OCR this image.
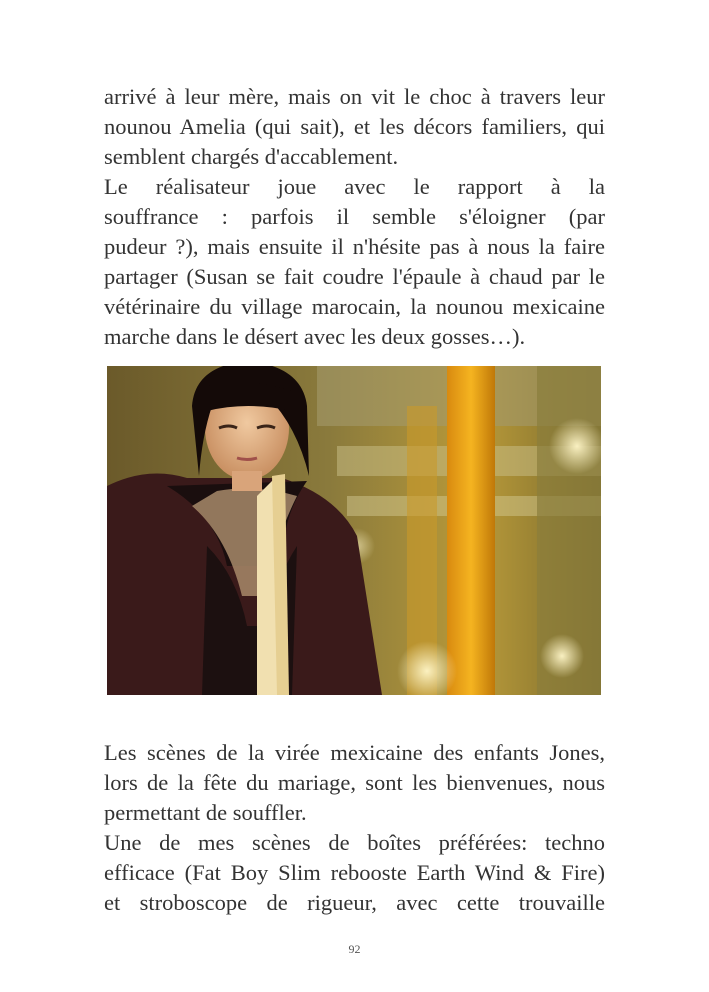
arrivé à leur mère, mais on vit le choc à travers leur
nounou Amelia (qui sait), et les décors familiers, qui
semblent chargés d'accablement.
Le réalisateur joue avec le rapport à la
souffrance : parfois il semble s'éloigner (par
pudeur ?), mais ensuite il n'hésite pas à nous la faire
partager (Susan se fait coudre l'épaule à chaud par le
vétérinaire du village marocain, la nounou mexicaine
marche dans le désert avec les deux gosses…).
Les scènes de la virée mexicaine des enfants Jones,
lors de la fête du mariage, sont les bienvenues, nous
permettant de souffler.
Une de mes scènes de boîtes préférées: techno
efficace (Fat Boy Slim rebooste Earth Wind & Fire)
et stroboscope de rigueur, avec cette trouvaille
92
